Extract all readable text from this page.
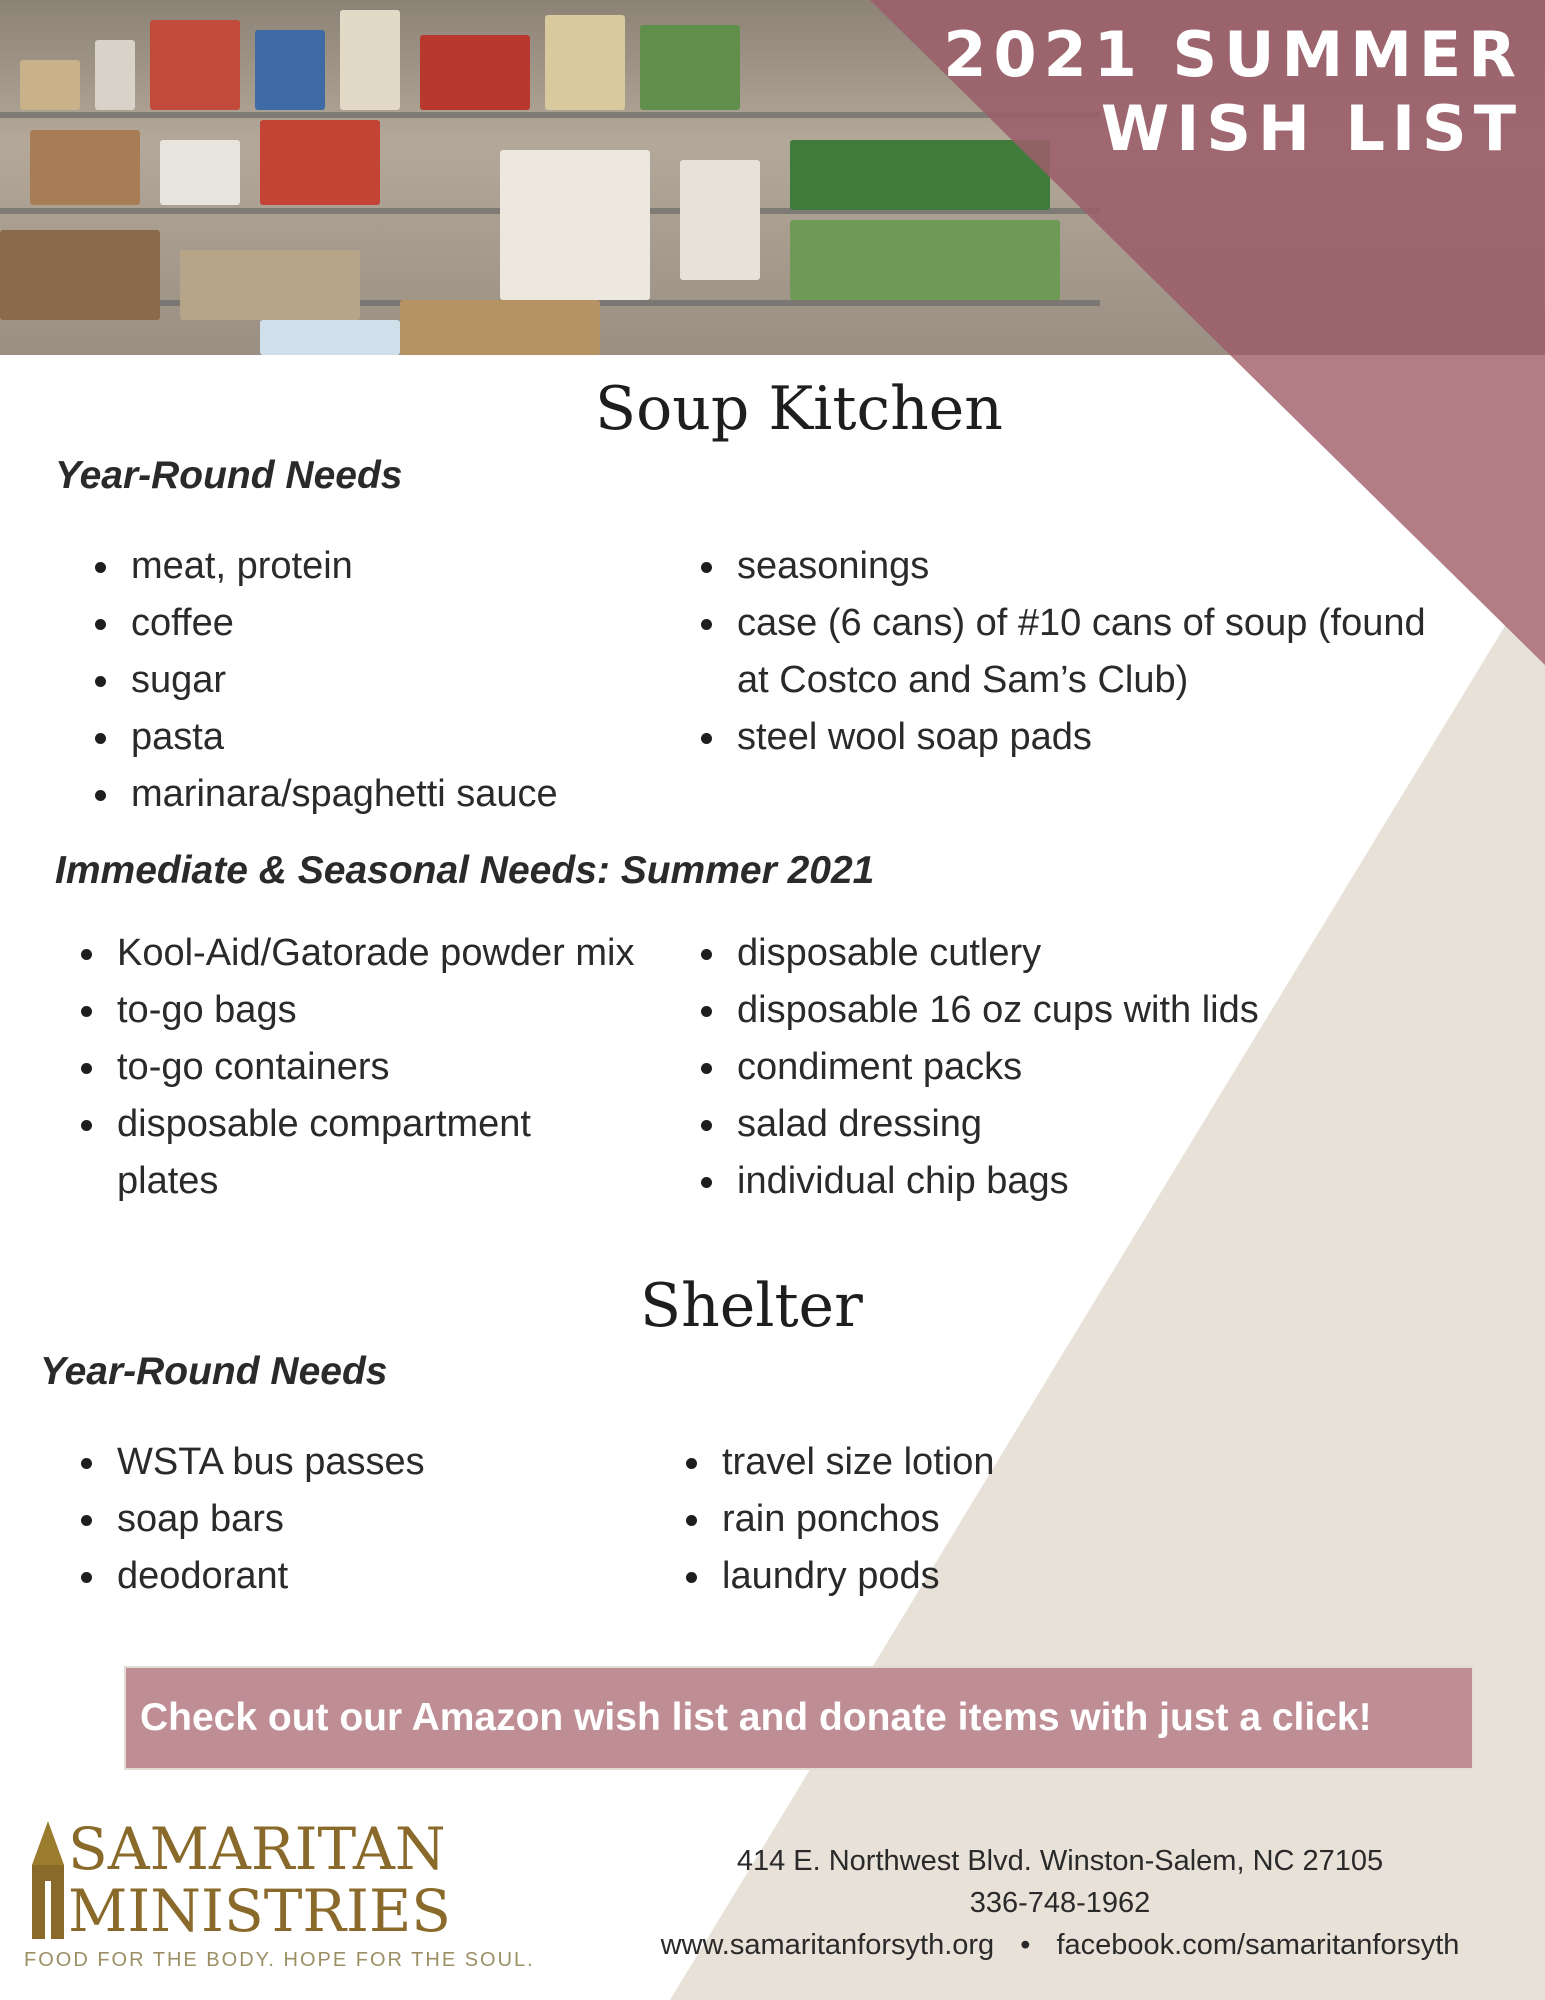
2021 SUMMER
WISH LIST
Soup Kitchen
Year-Round Needs
meat, protein
coffee
sugar
pasta
marinara/spaghetti sauce
seasonings
case (6 cans) of #10 cans of soup (found at Costco and Sam’s Club)
steel wool soap pads
Immediate & Seasonal Needs: Summer 2021
Kool-Aid/Gatorade powder mix
to-go bags
to-go containers
disposable compartment plates
disposable cutlery
disposable 16 oz cups with lids
condiment packs
salad dressing
individual chip bags
Shelter
Year-Round Needs
WSTA bus passes
soap bars
deodorant
travel size lotion
rain ponchos
laundry pods
Check out our Amazon wish list and donate items with just a click!
SAMARITAN
MINISTRIES
FOOD FOR THE BODY. HOPE FOR THE SOUL.
414 E. Northwest Blvd. Winston-Salem, NC 27105
336-748-1962
www.samaritanforsyth.org • facebook.com/samaritanforsyth
